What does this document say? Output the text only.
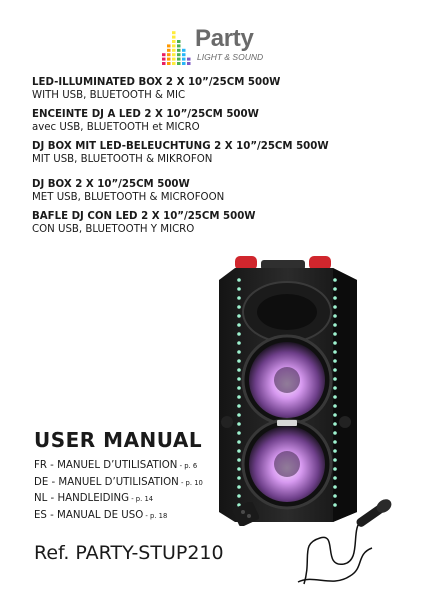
Party
LIGHT & SOUND
LED-ILLUMINATED BOX 2 X 10”/25CM 500W
WITH USB, BLUETOOTH & MIC
ENCEINTE DJ A LED 2 X 10”/25CM 500W
avec USB, BLUETOOTH et MICRO
DJ BOX MIT LED-BELEUCHTUNG 2 X 10”/25CM 500W
MIT USB, BLUETOOTH & MIKROFON
DJ BOX 2 X 10”/25CM 500W
MET USB, BLUETOOTH & MICROFOON
BAFLE DJ CON LED 2 X 10”/25CM 500W
CON USB, BLUETOOTH Y MICRO
USER MANUAL
FR - MANUEL D’UTILISATION - p. 6
DE - MANUEL D’UTILISATION - p. 10
NL - HANDLEIDING - p. 14
ES - MANUAL DE USO - p. 18
Ref. PARTY-STUP210
